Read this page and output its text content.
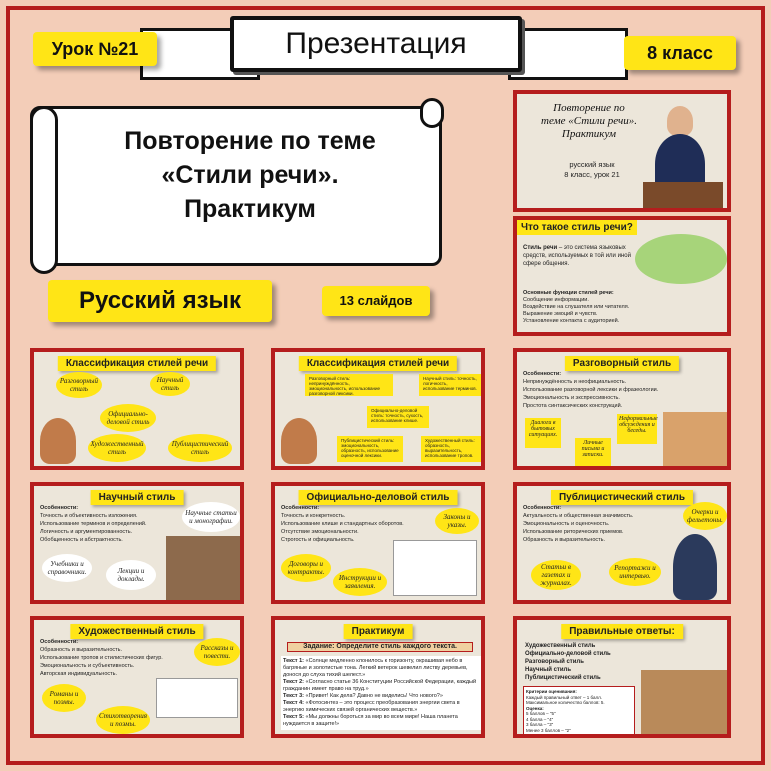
Презентация
Урок №21	8 класс
Повторение по теме
«Стили речи».
Практикум
Русский язык	13 слайдов
Повторение по
теме «Стили речи».
Практикум
русский язык
8 класс, урок 21
Что такое стиль речи?
Стиль речи – это система языковых средств, используемых в той или иной сфере общения.
Основные функции стилей речи:
Сообщение информации.
Воздействие на слушателя или читателя.
Выражение эмоций и чувств.
Установление контакта с аудиторией.
Классификация стилей речи
Разговорный стиль
Научный стиль
Официально-деловой стиль
Художественный стиль
Публицистический стиль
Классификация стилей речи
Разговорный стиль: непринуждённость, эмоциональность, использование разговорной лексики.
Научный стиль: точность, логичность, использование терминов.
Официально-деловой стиль: точность, сухость, использование клише.
Публицистический стиль: эмоциональность, образность, использование оценочной лексики.
Художественный стиль: образность, выразительность, использование тропов.
Разговорный стиль
Особенности:
Непринуждённость и неофициальность.
Использование разговорной лексики и фразеологии.
Эмоциональность и экспрессивность.
Простота синтаксических конструкций.
Диалоги в бытовых ситуациях.
Личные письма и записки.
Неформальные обсуждения и беседы.
Научный стиль
Особенности:
Точность и объективность изложения.
Использование терминов и определений.
Логичность и аргументированность.
Обобщенность и абстрактность.
Научные статьи и монографии.
Учебники и справочники.	Лекции и доклады.
Официально-деловой стиль
Особенности:
Точность и конкретность.
Использование клише и стандартных оборотов.
Отсутствие эмоциональности.
Строгость и официальность.
Законы и указы.
Договоры и контракты.
Инструкции и заявления.
Публицистический стиль
Особенности:
Актуальность и общественная значимость.
Эмоциональность и оценочность.
Использование риторических приемов.
Образность и выразительность.
Очерки и фельетоны.
Статьи в газетах и журналах.
Репортажи и интервью.
Художественный стиль
Особенности:
Образность и выразительность.
Использование тропов и стилистических фигур.
Эмоциональность и субъективность.
Авторская индивидуальность.
Рассказы и повести.
Романы и поэмы.
Стихотворения и поэмы.
Практикум
Задание: Определите стиль каждого текста.
Текст 1: «Солнце медленно клонилось к горизонту, окрашивая небо в багряные и золотистые тона. Легкий ветерок шевелил листву деревьев, донося до слуха тихий шелест.»
Текст 2: «Согласно статье 36 Конституции Российской Федерации, каждый гражданин имеет право на труд.»
Текст 3: «Привет! Как дела? Давно не виделись! Что нового?»
Текст 4: «Фотосинтез – это процесс преобразования энергии света в энергию химических связей органических веществ.»
Текст 5: «Мы должны бороться за мир во всем мире! Наша планета нуждается в защите!»
Правильные ответы:
Художественный стиль
Официально-деловой стиль
Разговорный стиль
Научный стиль
Публицистический стиль
Критерии оценивания:
Каждый правильный ответ – 1 балл.
Максимальное количество баллов: 5.
Оценка:
5 баллов – "5"
4 балла – "4"
3 балла – "3"
Менее 3 баллов – "2"
